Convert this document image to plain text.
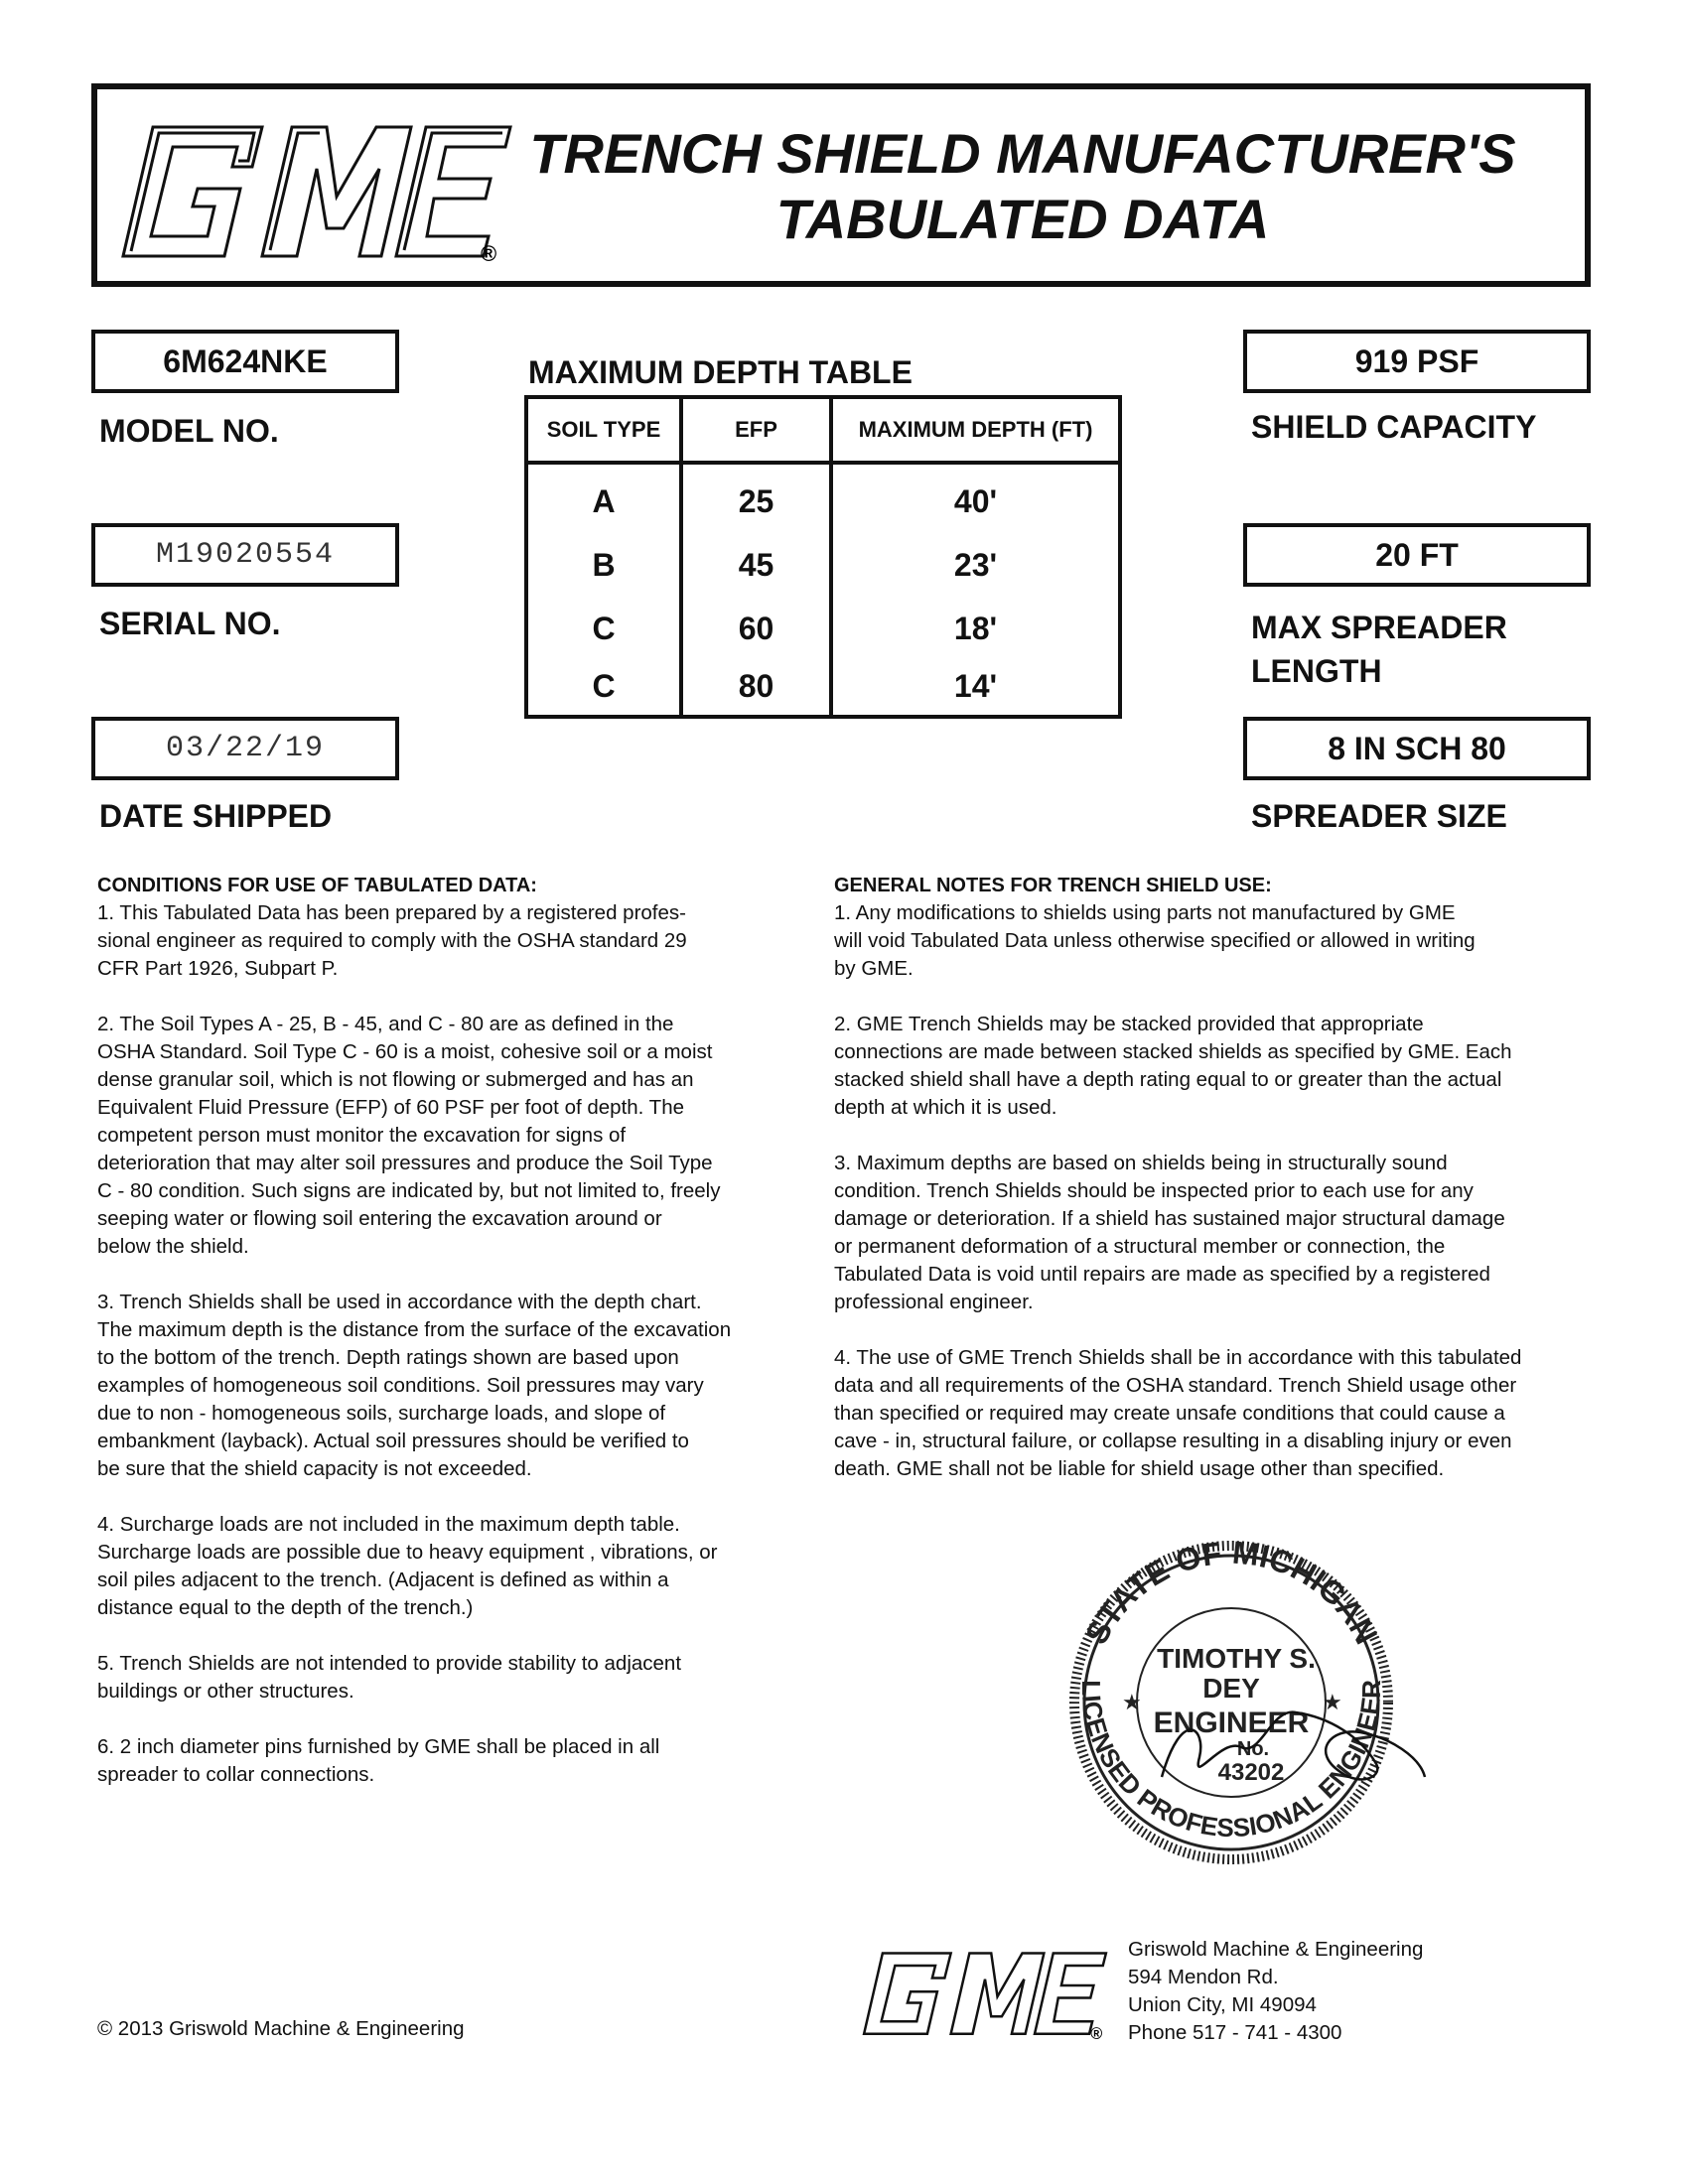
®
TRENCH SHIELD MANUFACTURER'S
TABULATED DATA
6M624NKE
MODEL NO.
M19020554
SERIAL NO.
03/22/19
DATE SHIPPED
MAXIMUM DEPTH TABLE
SOIL TYPE	EFP	MAXIMUM DEPTH (FT)
A	25	40'
B	45	23'
C	60	18'
C	80	14'
919 PSF
SHIELD CAPACITY
20 FT
MAX SPREADER
LENGTH
8 IN SCH 80
SPREADER SIZE
CONDITIONS FOR USE OF TABULATED DATA:
1. This Tabulated Data has been prepared by a registered profes-
sional engineer as required to comply with the OSHA standard 29
CFR Part 1926, Subpart P.
2. The Soil Types A - 25, B - 45, and C - 80 are as defined in the
OSHA Standard. Soil Type C - 60 is a moist, cohesive soil or a moist
dense granular soil, which is not flowing or submerged and has an
Equivalent Fluid Pressure (EFP) of 60 PSF per foot of depth. The
competent person must monitor the excavation for signs of
deterioration that may alter soil pressures and produce the Soil Type
C - 80 condition. Such signs are indicated by, but not limited to, freely
seeping water or flowing soil entering the excavation around or
below the shield.
3. Trench Shields shall be used in accordance with the depth chart.
The maximum depth is the distance from the surface of the excavation
to the bottom of the trench. Depth ratings shown are based upon
examples of homogeneous soil conditions. Soil pressures may vary
due to non - homogeneous soils, surcharge loads, and slope of
embankment (layback). Actual soil pressures should be verified to
be sure that the shield capacity is not exceeded.
4. Surcharge loads are not included in the maximum depth table.
Surcharge loads are possible due to heavy equipment , vibrations, or
soil piles adjacent to the trench. (Adjacent is defined as within a
distance equal to the depth of the trench.)
5. Trench Shields are not intended to provide stability to adjacent
buildings or other structures.
6. 2 inch diameter pins furnished by GME shall be placed in all
spreader to collar connections.
GENERAL NOTES FOR TRENCH SHIELD USE:
1. Any modifications to shields using parts not manufactured by GME
will void Tabulated Data unless otherwise specified or allowed in writing
by GME.
2. GME Trench Shields may be stacked provided that appropriate
connections are made between stacked shields as specified by GME. Each
stacked shield shall have a depth rating equal to or greater than the actual
depth at which it is used.
3. Maximum depths are based on shields being in structurally sound
condition. Trench Shields should be inspected prior to each use for any
damage or deterioration. If a shield has sustained major structural damage
or permanent deformation of a structural member or connection, the
Tabulated Data is void until repairs are made as specified by a registered
professional engineer.
4. The use of GME Trench Shields shall be in accordance with this tabulated
data and all requirements of the OSHA standard. Trench Shield usage other
than specified or required may create unsafe conditions that could cause a
cave - in, structural failure, or collapse resulting in a disabling injury or even
death. GME shall not be liable for shield usage other than specified.
STATE OF MICHIGAN
LICENSED PROFESSIONAL ENGINEER
★	★
TIMOTHY S.
DEY
ENGINEER
No.
43202
®
Griswold Machine & Engineering
594 Mendon Rd.
Union City, MI 49094
Phone 517 - 741 - 4300
© 2013 Griswold Machine & Engineering
